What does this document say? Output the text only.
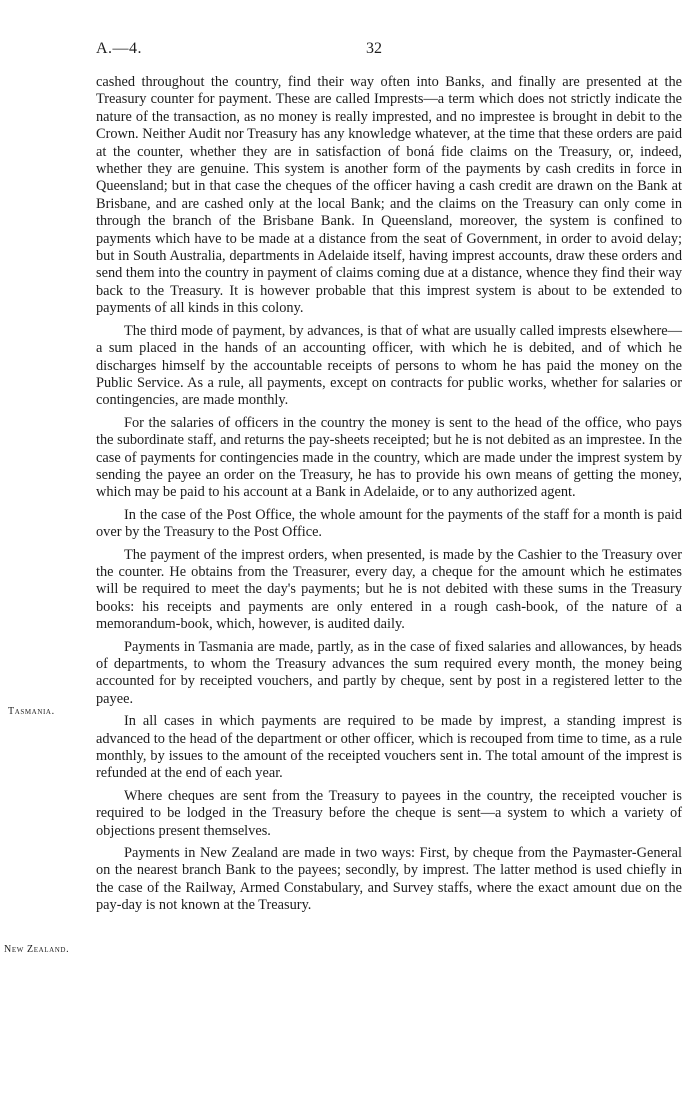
A.—4.	32
Tasmania.
New Zealand.

cashed throughout the country, find their way often into Banks, and finally are presented at the Treasury counter for payment. These are called Imprests—a term which does not strictly indicate the nature of the transaction, as no money is really imprested, and no imprestee is brought in debit to the Crown. Neither Audit nor Treasury has any knowledge whatever, at the time that these orders are paid at the counter, whether they are in satisfaction of boná fide claims on the Treasury, or, indeed, whether they are genuine. This system is another form of the payments by cash credits in force in Queensland; but in that case the cheques of the officer having a cash credit are drawn on the Bank at Brisbane, and are cashed only at the local Bank; and the claims on the Treasury can only come in through the branch of the Brisbane Bank. In Queensland, moreover, the system is confined to payments which have to be made at a distance from the seat of Government, in order to avoid delay; but in South Australia, departments in Adelaide itself, having imprest accounts, draw these orders and send them into the country in payment of claims coming due at a distance, whence they find their way back to the Treasury. It is however probable that this imprest system is about to be extended to payments of all kinds in this colony.

The third mode of payment, by advances, is that of what are usually called imprests elsewhere—a sum placed in the hands of an accounting officer, with which he is debited, and of which he discharges himself by the accountable receipts of persons to whom he has paid the money on the Public Service. As a rule, all payments, except on contracts for public works, whether for salaries or contingencies, are made monthly.

For the salaries of officers in the country the money is sent to the head of the office, who pays the subordinate staff, and returns the pay-sheets receipted; but he is not debited as an imprestee. In the case of payments for contingencies made in the country, which are made under the imprest system by sending the payee an order on the Treasury, he has to provide his own means of getting the money, which may be paid to his account at a Bank in Adelaide, or to any authorized agent.

In the case of the Post Office, the whole amount for the payments of the staff for a month is paid over by the Treasury to the Post Office.

The payment of the imprest orders, when presented, is made by the Cashier to the Treasury over the counter. He obtains from the Treasurer, every day, a cheque for the amount which he estimates will be required to meet the day's payments; but he is not debited with these sums in the Treasury books: his receipts and payments are only entered in a rough cash-book, of the nature of a memorandum-book, which, however, is audited daily.

Payments in Tasmania are made, partly, as in the case of fixed salaries and allowances, by heads of departments, to whom the Treasury advances the sum required every month, the money being accounted for by receipted vouchers, and partly by cheque, sent by post in a registered letter to the payee.

In all cases in which payments are required to be made by imprest, a standing imprest is advanced to the head of the department or other officer, which is recouped from time to time, as a rule monthly, by issues to the amount of the receipted vouchers sent in. The total amount of the imprest is refunded at the end of each year.

Where cheques are sent from the Treasury to payees in the country, the receipted voucher is required to be lodged in the Treasury before the cheque is sent—a system to which a variety of objections present themselves.

Payments in New Zealand are made in two ways: First, by cheque from the Paymaster-General on the nearest branch Bank to the payees; secondly, by imprest. The latter method is used chiefly in the case of the Railway, Armed Constabulary, and Survey staffs, where the exact amount due on the pay-day is not known at the Treasury.
